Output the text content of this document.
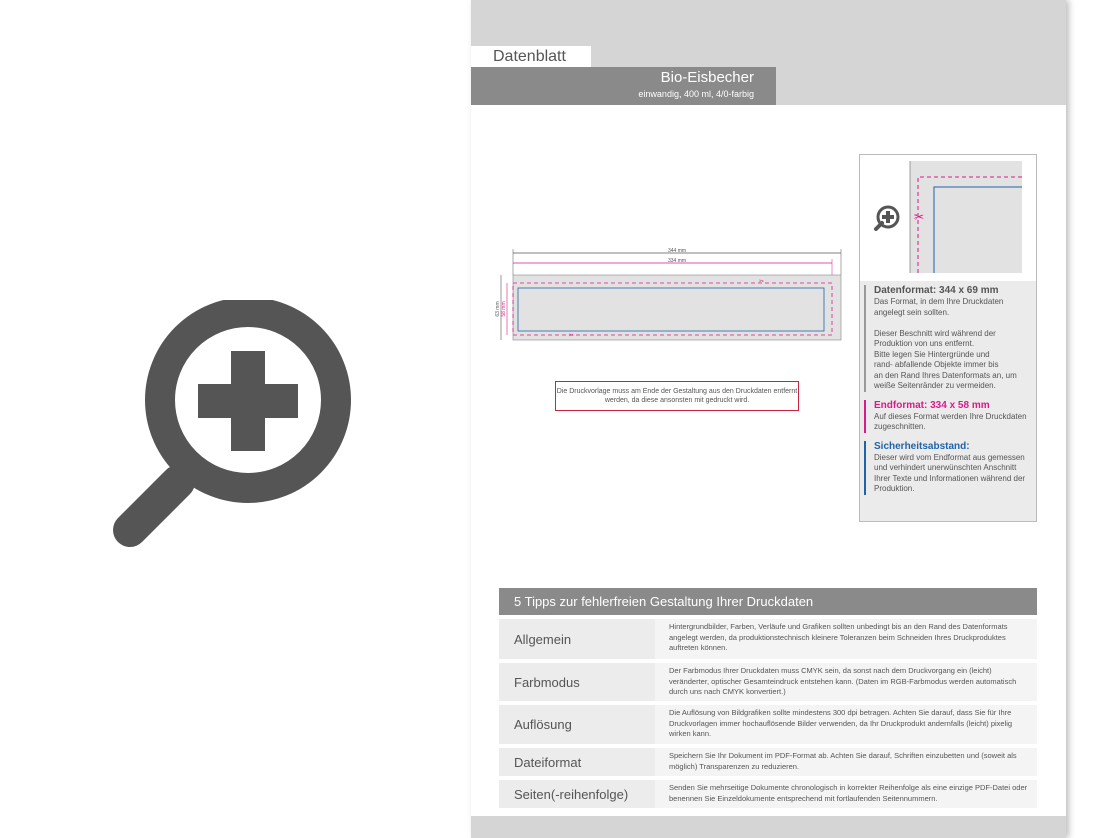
Datenblatt
Bio-Eisbecher
einwandig, 400 ml, 4/0-farbig
344 mm
334 mm
63 mm 58 mm
✂
✂
Die Druckvorlage muss am Ende der Gestaltung aus den Druckdaten entfernt werden, da diese ansonsten mit gedruckt wird.
✂
Datenformat: 344 x 69 mm
Das Format, in dem Ihre Druckdaten
angelegt sein sollten.

Dieser Beschnitt wird während der
Produktion von uns entfernt.
Bitte legen Sie Hintergründe und
rand- abfallende Objekte immer bis
an den Rand Ihres Datenformats an, um
weiße Seitenränder zu vermeiden.
Endformat: 334 x 58 mm
Auf dieses Format werden Ihre Druckdaten
zugeschnitten.
Sicherheitsabstand:
Dieser wird vom Endformat aus gemessen
und verhindert unerwünschten Anschnitt
Ihrer Texte und Informationen während der
Produktion.
5 Tipps zur fehlerfreien Gestaltung Ihrer Druckdaten
Allgemein
Hintergrundbilder, Farben, Verläufe und Grafiken sollten unbedingt bis an den Rand des Datenformats angelegt werden, da produktionstechnisch kleinere Toleranzen beim Schneiden Ihres Druckproduktes auftreten können.
Farbmodus
Der Farbmodus Ihrer Druckdaten muss CMYK sein, da sonst nach dem Druckvorgang ein (leicht) veränderter, optischer Gesamteindruck entstehen kann. (Daten im RGB-Farbmodus werden automatisch durch uns nach CMYK konvertiert.)
Auflösung
Die Auflösung von Bildgrafiken sollte mindestens 300 dpi betragen. Achten Sie darauf, dass Sie für Ihre Druckvorlagen immer hochauflösende Bilder verwenden, da Ihr Druckprodukt andernfalls (leicht) pixelig wirken kann.
Dateiformat	Speichern Sie Ihr Dokument im PDF-Format ab. Achten Sie darauf, Schriften einzubetten und (soweit als möglich) Transparenzen zu reduzieren.
Seiten(-reihenfolge)	Senden Sie mehrseitige Dokumente chronologisch in korrekter Reihenfolge als eine einzige PDF-Datei oder benennen Sie Einzeldokumente entsprechend mit fortlaufenden Seitennummern.
